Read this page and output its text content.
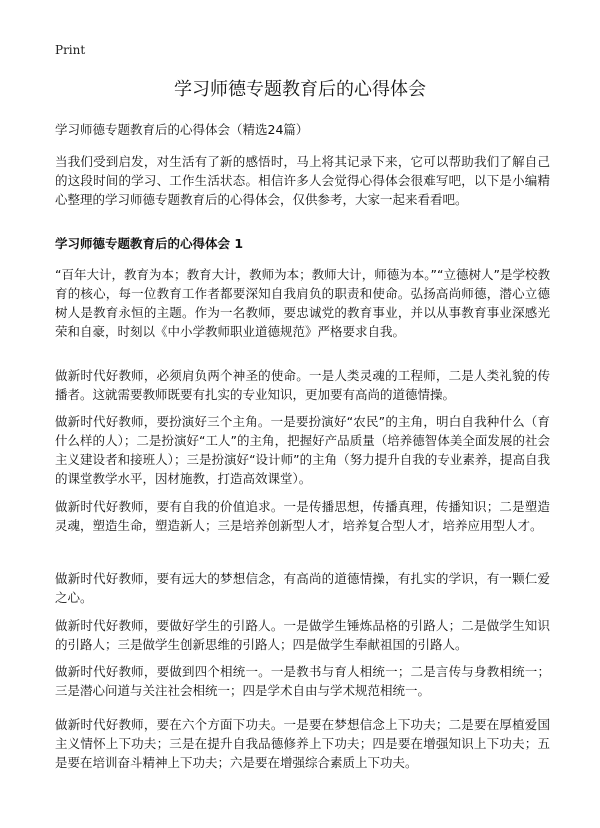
Print
学习师德专题教育后的心得体会
学习师德专题教育后的心得体会（精选24篇）

当我们受到启发，对生活有了新的感悟时，马上将其记录下来，它可以帮助我们了解自己的这段时间的学习、工作生活状态。相信许多人会觉得心得体会很难写吧，以下是小编精心整理的学习师德专题教育后的心得体会，仅供参考，大家一起来看看吧。

学习师德专题教育后的心得体会 1

“百年大计，教育为本；教育大计，教师为本；教师大计，师德为本。”“立德树人”是学校教育的核心，每一位教育工作者都要深知自我肩负的职责和使命。弘扬高尚师德，潜心立德树人是教育永恒的主题。作为一名教师，要忠诚党的教育事业，并以从事教育事业深感光荣和自豪，时刻以《中小学教师职业道德规范》严格要求自我。

做新时代好教师，必须肩负两个神圣的使命。一是人类灵魂的工程师，二是人类礼貌的传播者。这就需要教师既要有扎实的专业知识，更加要有高尚的道德情操。

做新时代好教师，要扮演好三个主角。一是要扮演好“农民”的主角，明白自我种什么（育什么样的人）；二是扮演好“工人”的主角，把握好产品质量（培养德智体美全面发展的社会主义建设者和接班人）；三是扮演好“设计师”的主角（努力提升自我的专业素养，提高自我的课堂教学水平，因材施教，打造高效课堂）。

做新时代好教师，要有自我的价值追求。一是传播思想，传播真理，传播知识；二是塑造灵魂，塑造生命，塑造新人；三是培养创新型人才，培养复合型人才，培养应用型人才。

做新时代好教师，要有远大的梦想信念，有高尚的道德情操，有扎实的学识，有一颗仁爱之心。

做新时代好教师，要做好学生的引路人。一是做学生锤炼品格的引路人；二是做学生知识的引路人；三是做学生创新思维的引路人；四是做学生奉献祖国的引路人。

做新时代好教师，要做到四个相统一。一是教书与育人相统一；二是言传与身教相统一；三是潜心问道与关注社会相统一；四是学术自由与学术规范相统一。

做新时代好教师，要在六个方面下功夫。一是要在梦想信念上下功夫；二是要在厚植爱国主义情怀上下功夫；三是在提升自我品德修养上下功夫；四是要在增强知识上下功夫；五是要在培训奋斗精神上下功夫；六是要在增强综合素质上下功夫。
